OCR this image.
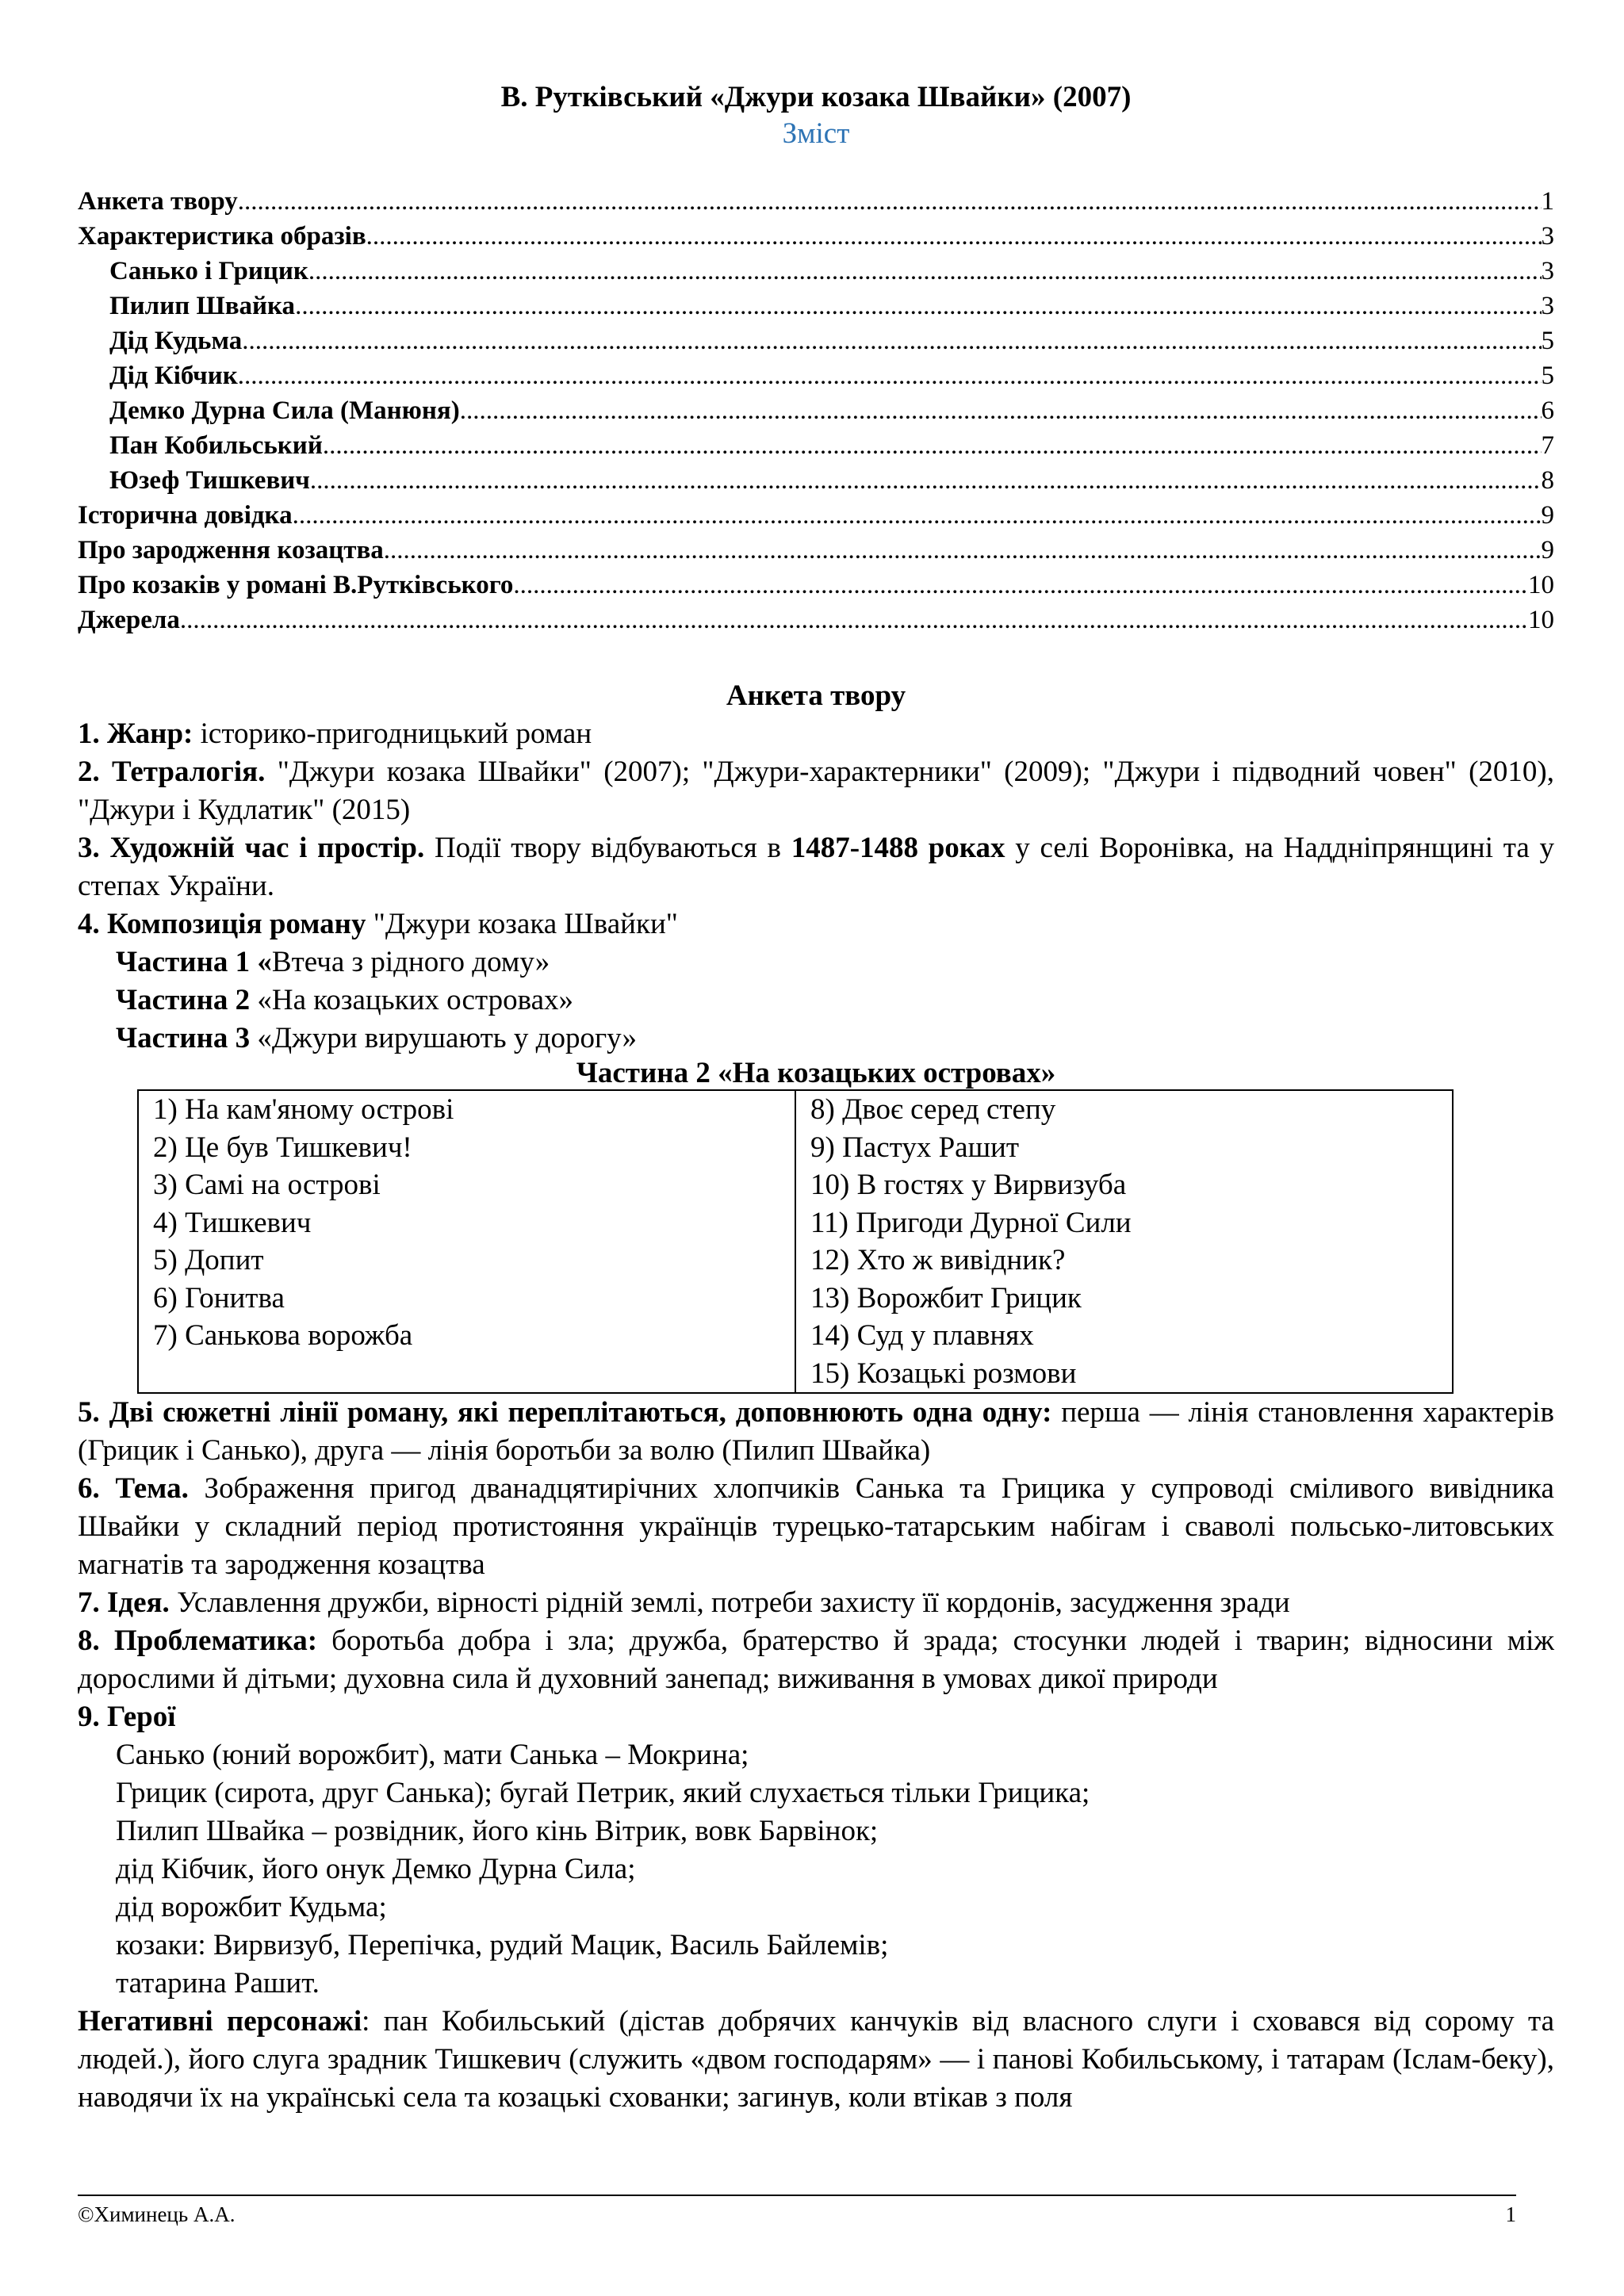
В. Рутківський «Джури козака Швайки» (2007)
Зміст
Анкета твору .....	1
Характеристика образів .....	3
Санько і Грицик .....	3
Пилип Швайка .....	3
Дід Кудьма .....	5
Дід Кібчик .....	5
Демко Дурна Сила (Манюня) .....	6
Пан Кобильський .....	7
Юзеф Тишкевич .....	8
Історична довідка .....	9
Про зародження козацтва .....	9
Про козаків у романі В.Рутківського .....	10
Джерела .....	10
Анкета твору
1. Жанр: історико-пригодницький роман
2. Тетралогія. "Джури козака Швайки" (2007); "Джури-характерники" (2009); "Джури і підводний човен" (2010), "Джури і Кудлатик" (2015)
3. Художній час і простір. Події твору відбуваються в 1487-1488 роках у селі Воронівка, на Наддніпрянщині та у степах України.
4. Композиція роману "Джури козака Швайки"
Частина 1 «Втеча з рідного дому»
Частина 2 «На козацьких островах»
Частина 3 «Джури вирушають у дорогу»
Частина 2 «На козацьких островах»
1) На кам'яному острові
2) Це був Тишкевич!
3) Самі на острові
4) Тишкевич
5) Допит
6) Гонитва
7) Санькова ворожба

8) Двоє серед степу
9) Пастух Рашит
10) В гостях у Вирвизуба
11) Пригоди Дурної Сили
12) Хто ж вивідник?
13) Ворожбит Грицик
14) Суд у плавнях
15) Козацькі розмови
5. Дві сюжетні лінії роману, які переплітаються, доповнюють одна одну: перша — лінія становлення характерів (Грицик і Санько), друга — лінія боротьби за волю (Пилип Швайка)
6. Тема. Зображення пригод дванадцятирічних хлопчиків Санька та Грицика у супроводі сміливого вивідника Швайки у складний період протистояння українців турецько-татарським набігам і сваволі польсько-литовських магнатів та зародження козацтва
7. Ідея. Уславлення дружби, вірності рідній землі, потреби захисту її кордонів, засудження зради
8. Проблематика: боротьба добра і зла; дружба, братерство й зрада; стосунки людей і тварин; відносини між дорослими й дітьми; духовна сила й духовний занепад; виживання в умовах дикої природи
9. Герої
Санько (юний ворожбит), мати Санька – Мокрина;
Грицик (сирота, друг Санька); бугай Петрик, який слухається тільки Грицика;
Пилип Швайка – розвідник, його кінь Вітрик, вовк Барвінок;
дід Кібчик, його онук Демко Дурна Сила;
дід ворожбит Кудьма;
козаки: Вирвизуб, Перепічка, рудий Мацик, Василь Байлемів;
татарина Рашит.
Негативні персонажі: пан Кобильський (дістав добрячих канчуків від власного слуги і сховався від сорому та людей.), його слуга зрадник Тишкевич (служить «двом господарям» — і панові Кобильському, і татарам (Іслам-беку), наводячи їх на українські села та козацькі схованки; загинув, коли втікав з поля
©Химинець А.А.	1
